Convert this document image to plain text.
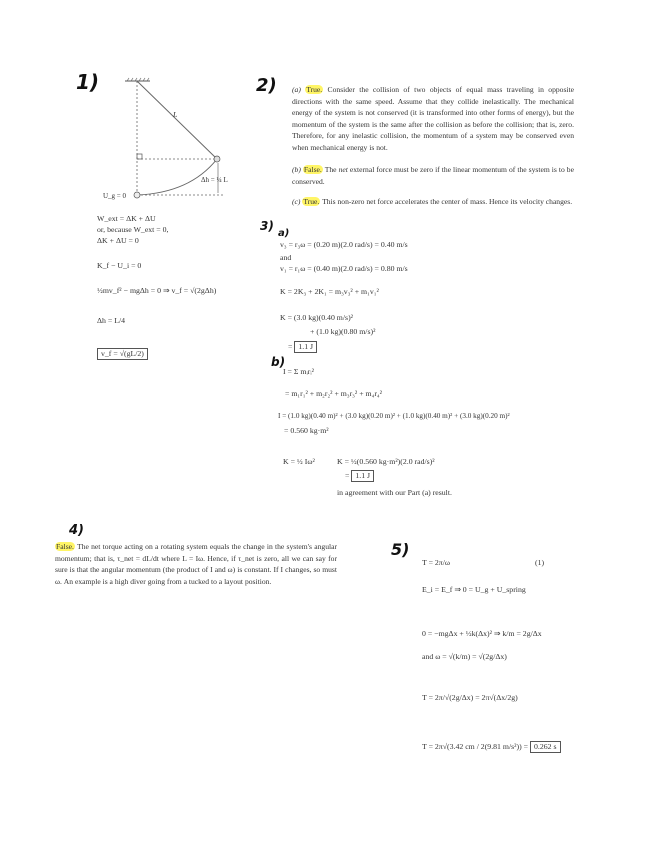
1)
L
Δh = ¼ L
U_g = 0
W_ext = ΔK + ΔU
or, because W_ext = 0,
ΔK + ΔU = 0
K_f − U_i = 0
½mv_f² − mgΔh = 0 ⇒ v_f = √(2gΔh)
Δh = L/4
v_f = √(gL/2)
2) (a) True. Consider the collision of two objects of equal mass traveling in opposite directions with the same speed. Assume that they collide inelastically. The mechanical energy of the system is not conserved (it is transformed into other forms of energy), but the momentum of the system is the same after the collision as before the collision; that is, zero. Therefore, for any inelastic collision, the momentum of a system may be conserved even when mechanical energy is not.
(b) False. The net external force must be zero if the linear momentum of the system is to be conserved.
(c) True. This non-zero net force accelerates the center of mass. Hence its velocity changes.
3)
a)
v₃ = r₃ω = (0.20 m)(2.0 rad/s) = 0.40 m/s
and
v₁ = r₁ω = (0.40 m)(2.0 rad/s) = 0.80 m/s
K = 2K₃ + 2K₁ = m₃v₃² + m₁v₁²
K = (3.0 kg)(0.40 m/s)²
+ (1.0 kg)(0.80 m/s)²
= 1.1 J
b)
I = Σ mᵢrᵢ²
= m₁r₁² + m₂r₂² + m₃r₃² + m₄r₄²
I = (1.0 kg)(0.40 m)² + (3.0 kg)(0.20 m)² + (1.0 kg)(0.40 m)² + (3.0 kg)(0.20 m)²
= 0.560 kg·m²
K = ½ Iω²	K = ½(0.560 kg·m²)(2.0 rad/s)²
= 1.1 J
in agreement with our Part (a) result.
4)
False. The net torque acting on a rotating system equals the change in the system's angular momentum; that is, τ_net = dL/dt where L = Iω. Hence, if τ_net is zero, all we can say for sure is that the angular momentum (the product of I and ω) is constant. If I changes, so must ω. An example is a high diver going from a tucked to a layout position.
5)
T = 2π/ω	(1)
E_i = E_f ⇒ 0 = U_g + U_spring
0 = −mgΔx + ½k(Δx)² ⇒ k/m = 2g/Δx
and ω = √(k/m) = √(2g/Δx)
T = 2π/√(2g/Δx) = 2π√(Δx/2g)
T = 2π√(3.42 cm / 2(9.81 m/s²)) = 0.262 s
